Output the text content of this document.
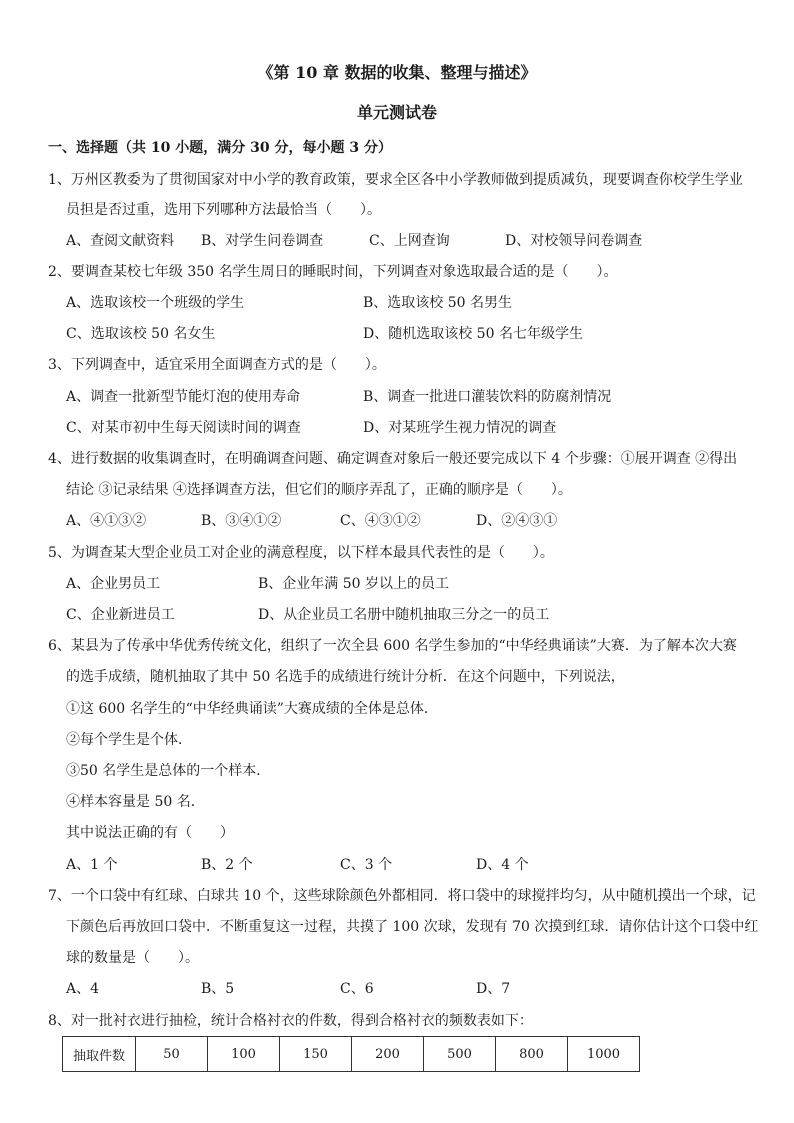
《第 10 章 数据的收集、整理与描述》
单元测试卷
一、选择题（共 10 小题，满分 30 分，每小题 3 分）
1、万州区教委为了贯彻国家对中小学的教育政策，要求全区各中小学教师做到提质减负，现要调查你校学生学业
员担是否过重，选用下列哪种方法最恰当（　　）。
A、查阅文献资料 B、对学生问卷调查	C、上网查询	D、对校领导问卷调查
2、要调查某校七年级 350 名学生周日的睡眠时间，下列调查对象选取最合适的是（　　）。
A、选取该校一个班级的学生	B、选取该校 50 名男生
C、选取该校 50 名女生	D、随机选取该校 50 名七年级学生
3、下列调查中，适宜采用全面调查方式的是（　　）。
A、调查一批新型节能灯泡的使用寿命	B、调查一批进口灌装饮料的防腐剂情况
C、对某市初中生每天阅读时间的调查	D、对某班学生视力情况的调查
4、进行数据的收集调查时，在明确调查问题、确定调查对象后一般还要完成以下 4 个步骤：①展开调查 ②得出
结论 ③记录结果 ④选择调查方法，但它们的顺序弄乱了，正确的顺序是（　　）。
A、④①③②	B、③④①②	C、④③①②	D、②④③①
5、为调查某大型企业员工对企业的满意程度，以下样本最具代表性的是（　　）。
A、企业男员工	B、企业年满 50 岁以上的员工
C、企业新进员工	D、从企业员工名册中随机抽取三分之一的员工
6、某县为了传承中华优秀传统文化，组织了一次全县 600 名学生参加的“中华经典诵读”大赛．为了解本次大赛
的选手成绩，随机抽取了其中 50 名选手的成绩进行统计分析．在这个问题中，下列说法，
①这 600 名学生的“中华经典诵读”大赛成绩的全体是总体．
②每个学生是个体．
③50 名学生是总体的一个样本．
④样本容量是 50 名．
其中说法正确的有（　　）
A、1 个	B、2 个	C、3 个	D、4 个
7、一个口袋中有红球、白球共 10 个，这些球除颜色外都相同．将口袋中的球搅拌均匀，从中随机摸出一个球，记
下颜色后再放回口袋中．不断重复这一过程，共摸了 100 次球，发现有 70 次摸到红球．请你估计这个口袋中红
球的数量是（　　）。
A、4	B、5	C、6	D、7
8、对一批衬衣进行抽检，统计合格衬衣的件数，得到合格衬衣的频数表如下：
抽取件数	50	100	150	200	500	800	1000
